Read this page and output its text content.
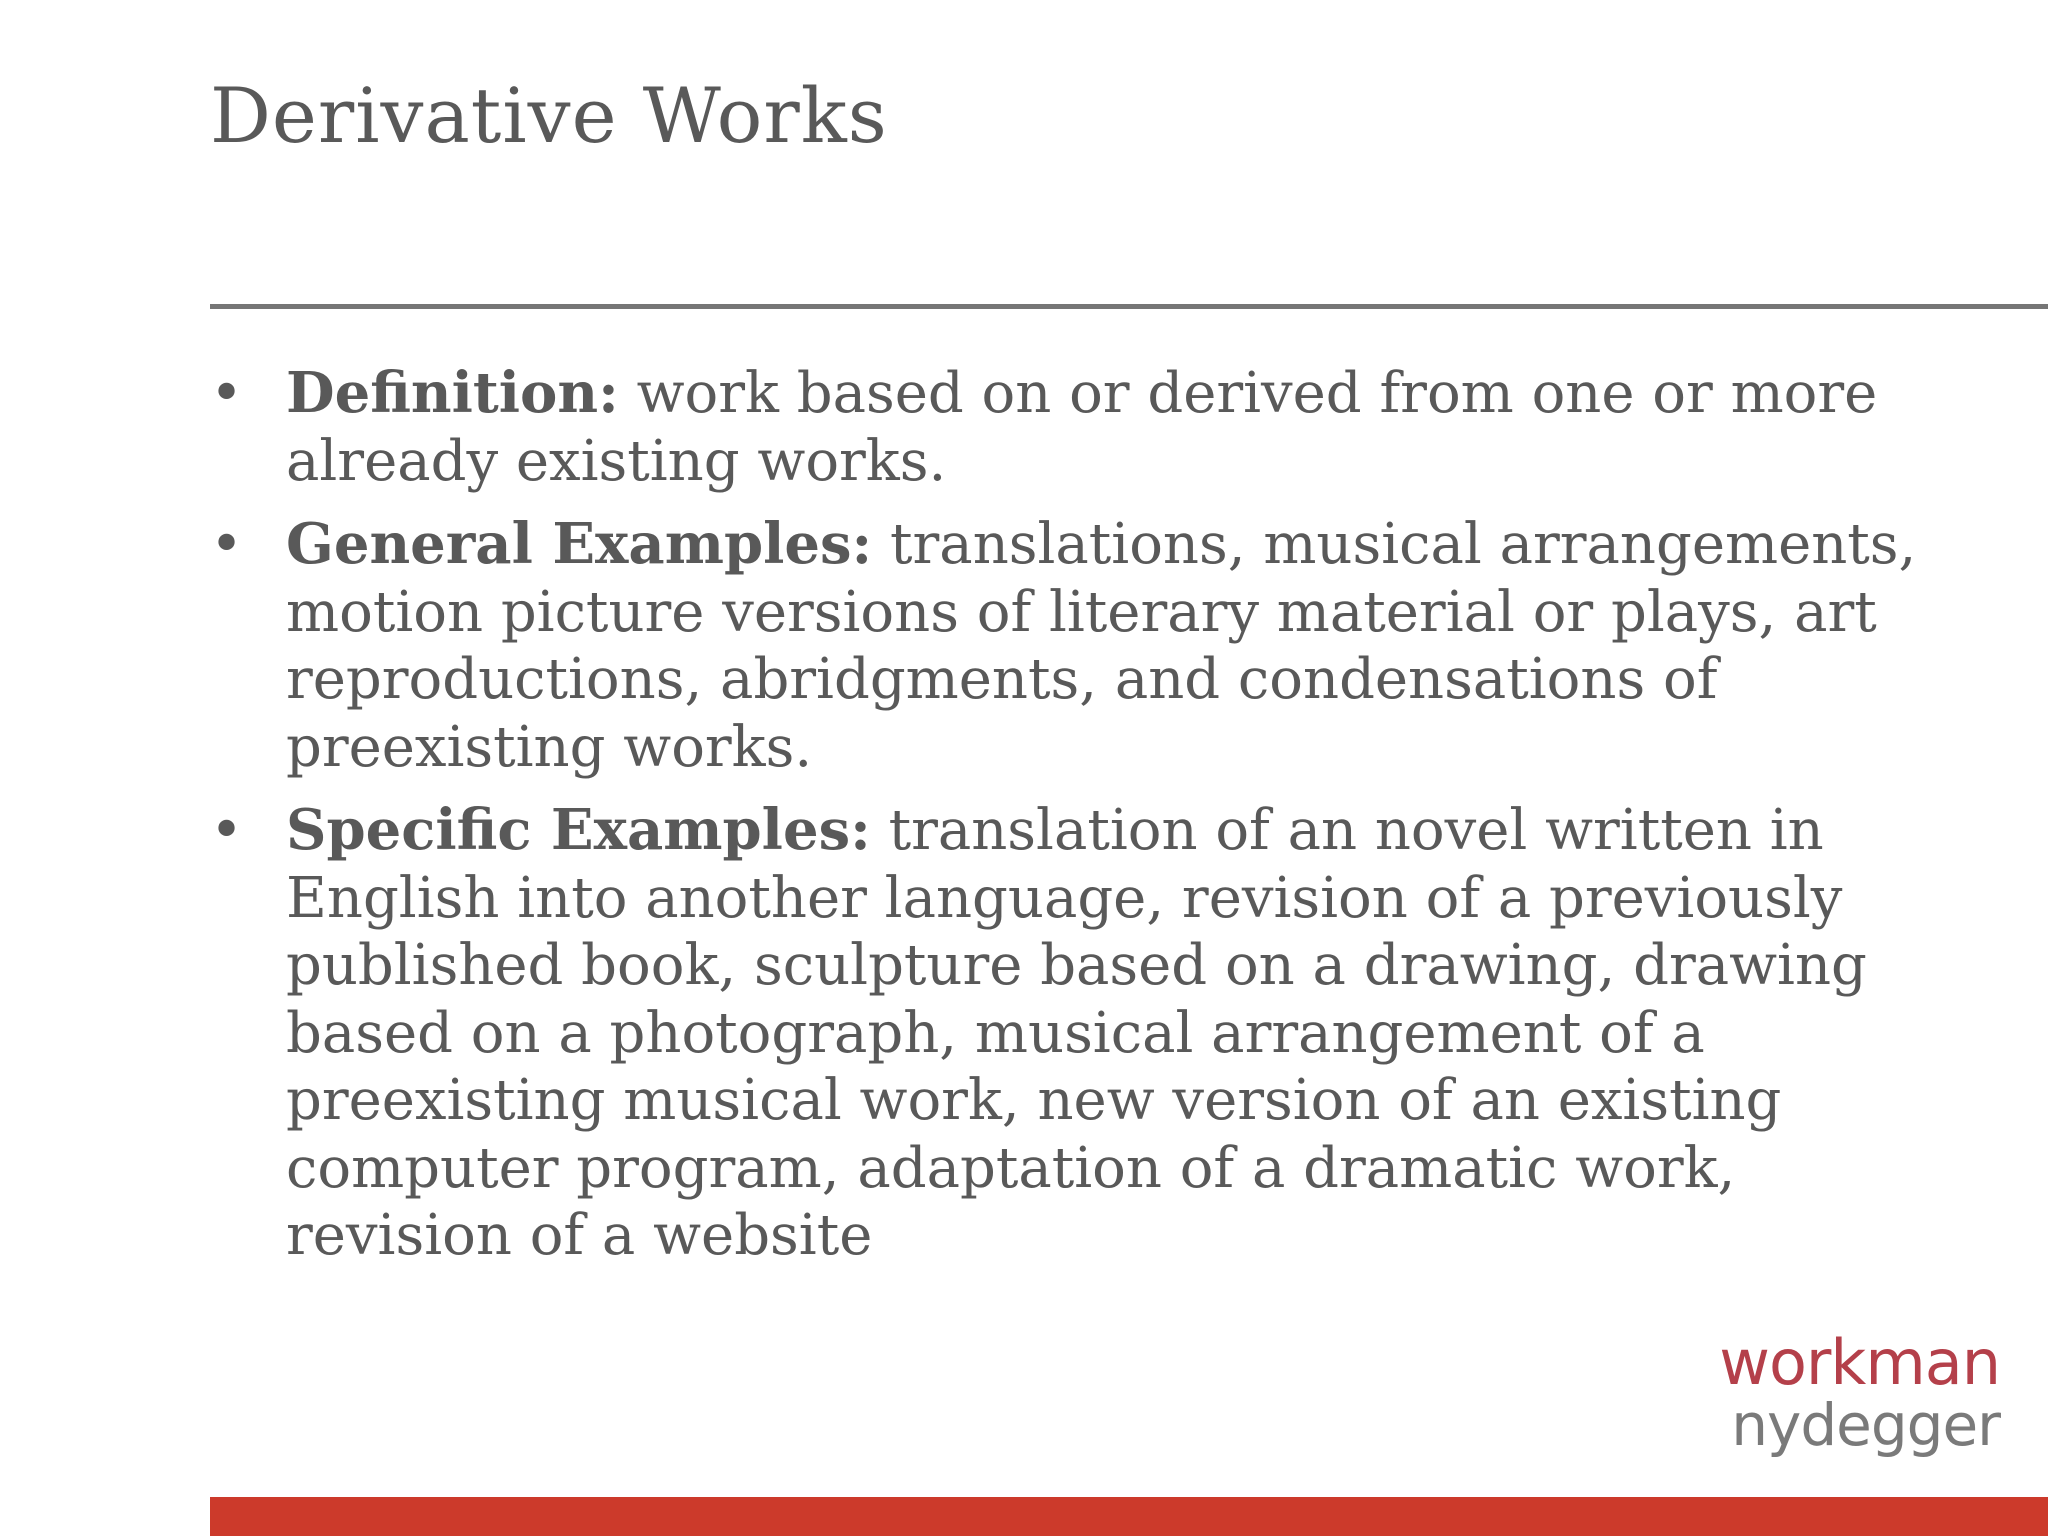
Derivative Works
• Definition: work based on or derived from one or more already existing works.
• General Examples: translations, musical arrangements, motion picture versions of literary material or plays, art reproductions, abridgments, and condensations of preexisting works.
• Specific Examples: translation of an novel written in English into another language, revision of a previously published book, sculpture based on a drawing, drawing based on a photograph, musical arrangement of a preexisting musical work, new version of an existing computer program, adaptation of a dramatic work, revision of a website
workman
nydegger
